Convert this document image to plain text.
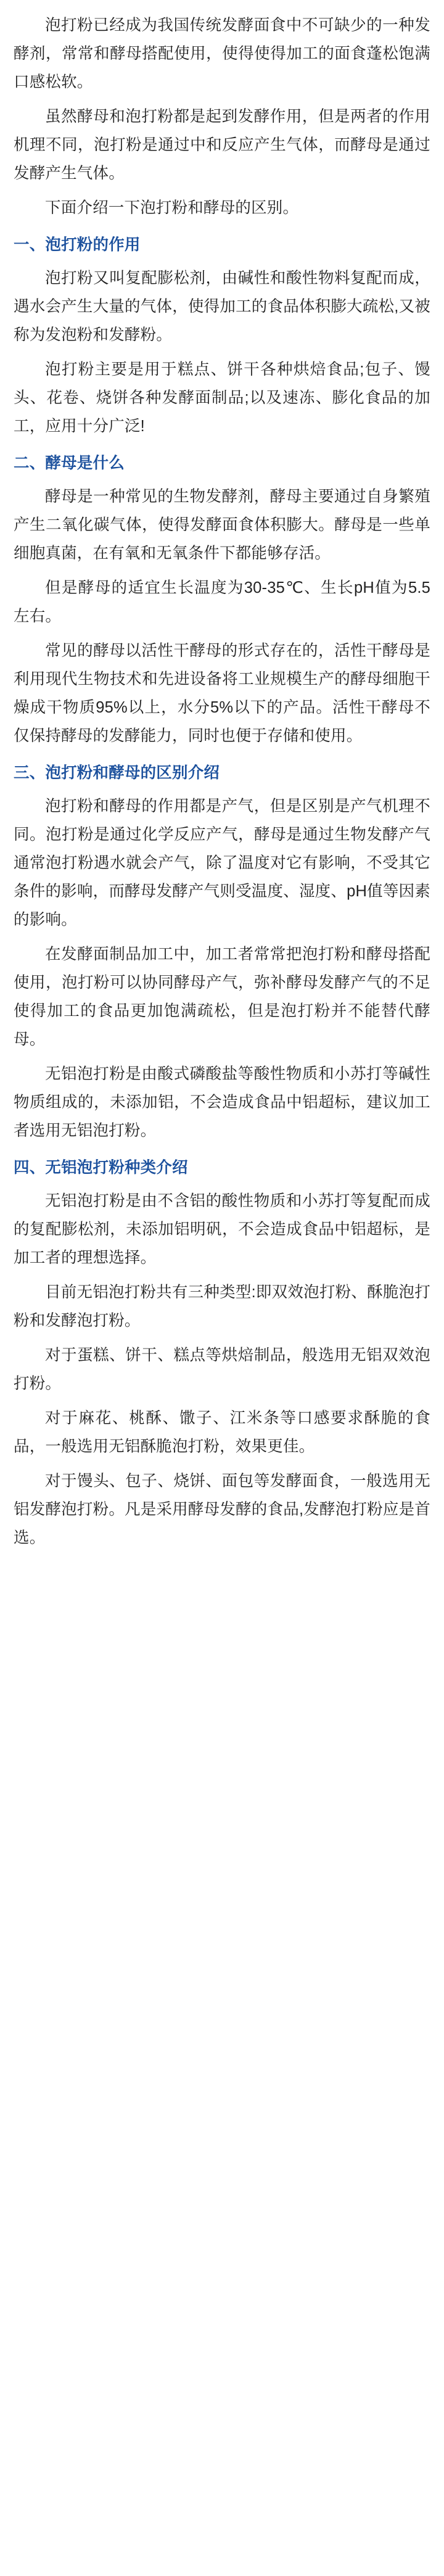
泡打粉已经成为我国传统发酵面食中不可缺少的一种发酵剂，常常和酵母搭配使用，使得使得加工的面食蓬松饱满口感松软。

虽然酵母和泡打粉都是起到发酵作用，但是两者的作用机理不同，泡打粉是通过中和反应产生气体，而酵母是通过发酵产生气体。

下面介绍一下泡打粉和酵母的区别。

一、泡打粉的作用

泡打粉又叫复配膨松剂，由碱性和酸性物料复配而成，遇水会产生大量的气体，使得加工的食品体积膨大疏松,又被称为发泡粉和发酵粉。

泡打粉主要是用于糕点、饼干各种烘焙食品;包子、馒头、花卷、烧饼各种发酵面制品;以及速冻、膨化食品的加工，应用十分广泛!

二、酵母是什么

酵母是一种常见的生物发酵剂，酵母主要通过自身繁殖产生二氧化碳气体，使得发酵面食体积膨大。酵母是一些单细胞真菌，在有氧和无氧条件下都能够存活。

但是酵母的适宜生长温度为30-35℃、生长pH值为5.5左右。

常见的酵母以活性干酵母的形式存在的，活性干酵母是利用现代生物技术和先进设备将工业规模生产的酵母细胞干燥成干物质95%以上，水分5%以下的产品。活性干酵母不仅保持酵母的发酵能力，同时也便于存储和使用。

三、泡打粉和酵母的区别介绍

泡打粉和酵母的作用都是产气，但是区别是产气机理不同。泡打粉是通过化学反应产气，酵母是通过生物发酵产气通常泡打粉遇水就会产气，除了温度对它有影响，不受其它条件的影响，而酵母发酵产气则受温度、湿度、pH值等因素的影响。

在发酵面制品加工中，加工者常常把泡打粉和酵母搭配使用，泡打粉可以协同酵母产气，弥补酵母发酵产气的不足使得加工的食品更加饱满疏松，但是泡打粉并不能替代酵母。

无铝泡打粉是由酸式磷酸盐等酸性物质和小苏打等碱性物质组成的，未添加铝，不会造成食品中铝超标，建议加工者选用无铝泡打粉。

四、无铝泡打粉种类介绍

无铝泡打粉是由不含铝的酸性物质和小苏打等复配而成的复配膨松剂，未添加铝明矾，不会造成食品中铝超标，是加工者的理想选择。

目前无铝泡打粉共有三种类型:即双效泡打粉、酥脆泡打粉和发酵泡打粉。

对于蛋糕、饼干、糕点等烘焙制品，般选用无铝双效泡打粉。

对于麻花、桃酥、馓子、江米条等口感要求酥脆的食品，一般选用无铝酥脆泡打粉，效果更佳。

对于馒头、包子、烧饼、面包等发酵面食，一般选用无铝发酵泡打粉。凡是采用酵母发酵的食品,发酵泡打粉应是首选。
